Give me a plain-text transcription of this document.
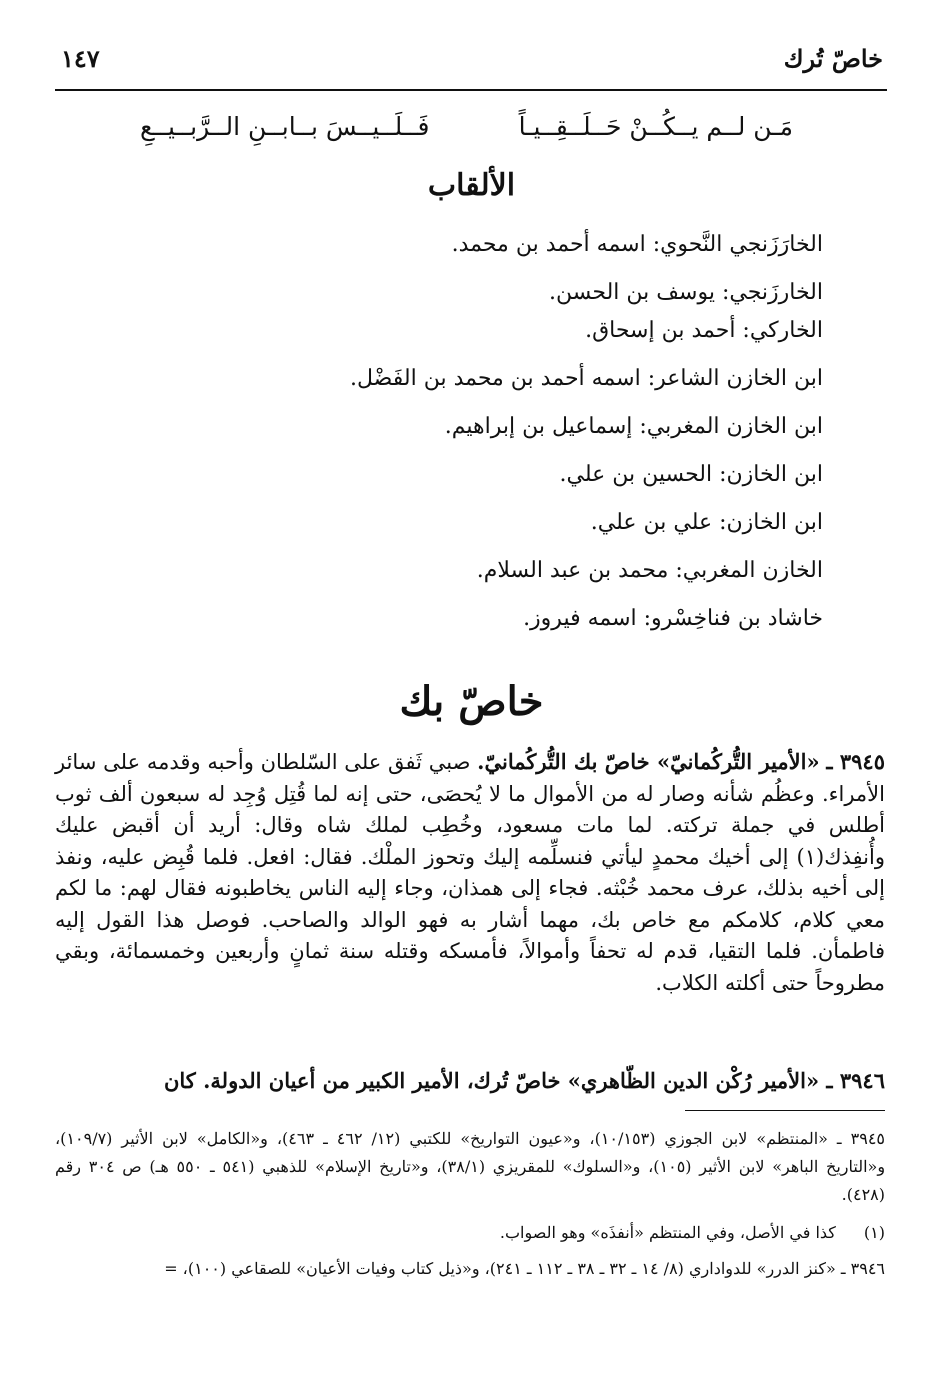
خاصّ تُرك
١٤٧
مَـن لــم يــكُــنْ حَــلَــقِــيـاً
فَــلَــيــسَ بــابــنِ الــرَّبــيــعِ
الألقاب
الخارَزَنجي النَّحوي: اسمه أحمد بن محمد.
الخارزَنجي: يوسف بن الحسن.
الخاركي: أحمد بن إسحاق.
ابن الخازن الشاعر: اسمه أحمد بن محمد بن الفَضْل.
ابن الخازن المغربي: إسماعيل بن إبراهيم.
ابن الخازن: الحسين بن علي.
ابن الخازن: علي بن علي.
الخازن المغربي: محمد بن عبد السلام.
خاشاد بن فناخِسْرو: اسمه فيروز.
خاصّ بك

٣٩٤٥ ـ «الأمير التُّركُمانيّ» خاصّ بك التُّركُمانيّ. صبي ثَفق على السّلطان وأحبه وقدمه على سائر الأمراء. وعظُم شأنه وصار له من الأموال ما لا يُحصَى، حتى إنه لما قُتِل وُجِد له سبعون ألف ثوب أطلس في جملة تركته. لما مات مسعود، وخُطِب لملك شاه وقال: أريد أن أقبض عليك وأُنفِذك(١) إلى أخيك محمدٍ ليأتي فنسلِّمه إليك وتحوز الملْك. فقال: افعل. فلما قُبِض عليه، ونفذ إلى أخيه بذلك، عرف محمد خُبْثه. فجاء إلى همذان، وجاء إليه الناس يخاطبونه فقال لهم: ما لكم معي كلام، كلامكم مع خاص بك، مهما أشار به فهو الوالد والصاحب. فوصل هذا القول إليه فاطمأن. فلما التقيا، قدم له تحفاً وأموالاً، فأمسكه وقتله سنة ثمانٍ وأربعين وخمسمائة، وبقي مطروحاً حتى أكلته الكلاب.

٣٩٤٦ ـ «الأمير رُكْن الدين الظّاهري» خاصّ تُرك، الأمير الكبير من أعيان الدولة. كان

٣٩٤٥ ـ «المنتظم» لابن الجوزي (١٠/١٥٣)، و«عيون التواريخ» للكتبي (١٢/ ٤٦٢ ـ ٤٦٣)، و«الكامل» لابن الأثير (١٠٩/٧)، و«التاريخ الباهر» لابن الأثير (١٠٥)، و«السلوك» للمقريزي (٣٨/١)، و«تاريخ الإسلام» للذهبي (٥٤١ ـ ٥٥٠ هـ) ص ٣٠٤ رقم (٤٢٨).

(١)
كذا في الأصل، وفي المنتظم «أنفذَه» وهو الصواب.

٣٩٤٦ ـ «كنز الدرر» للدواداري (٨/ ١٤ ـ ٣٢ ـ ٣٨ ـ ١١٢ ـ ٢٤١)، و«ذيل كتاب وفيات الأعيان» للصقاعي (١٠٠)، =
